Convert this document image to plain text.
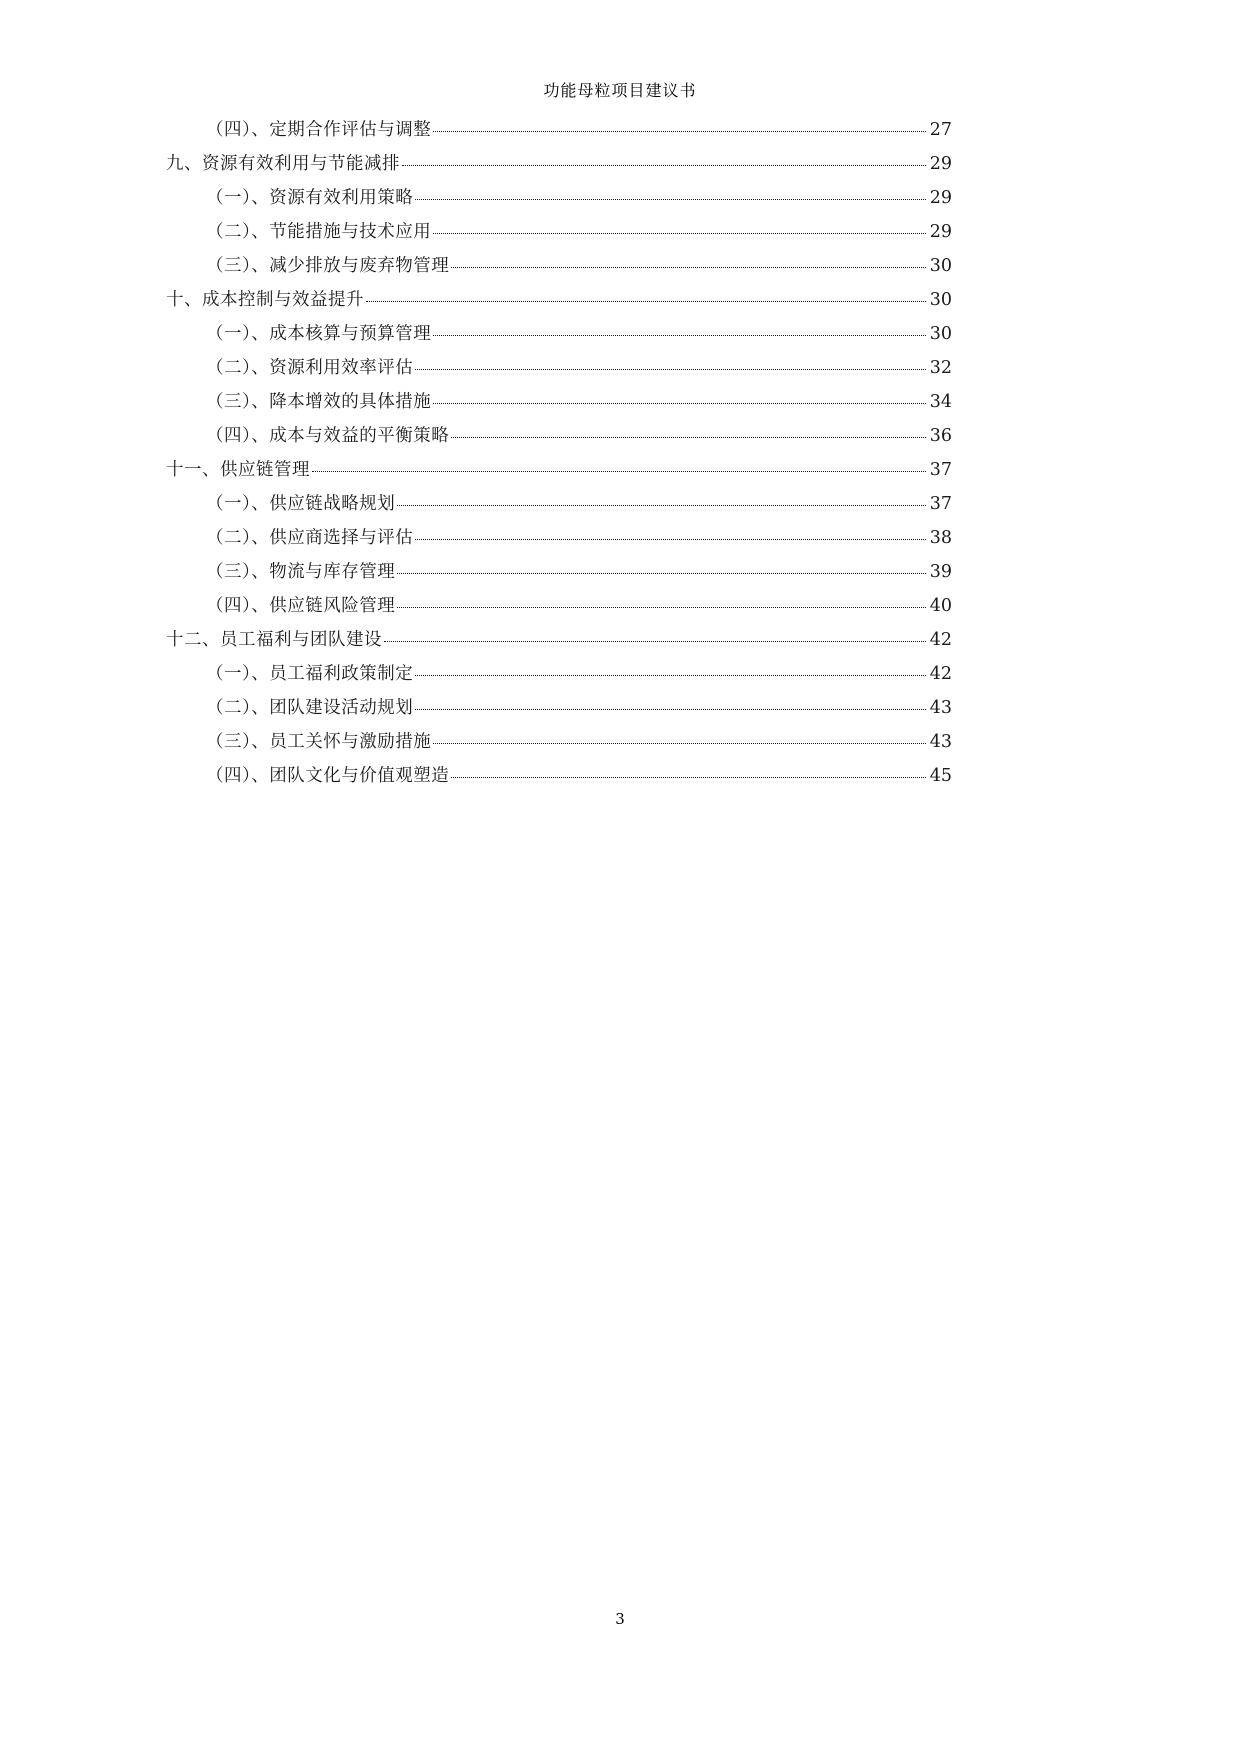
功能母粒项目建议书
（四）、定期合作评估与调整	27
九、资源有效利用与节能减排	29
（一）、资源有效利用策略	29
（二）、节能措施与技术应用	29
（三）、减少排放与废弃物管理	30
十、成本控制与效益提升	30
（一）、成本核算与预算管理	30
（二）、资源利用效率评估	32
（三）、降本增效的具体措施	34
（四）、成本与效益的平衡策略	36
十一、供应链管理	37
（一）、供应链战略规划	37
（二）、供应商选择与评估	38
（三）、物流与库存管理	39
（四）、供应链风险管理	40
十二、员工福利与团队建设	42
（一）、员工福利政策制定	42
（二）、团队建设活动规划	43
（三）、员工关怀与激励措施	43
（四）、团队文化与价值观塑造	45
3
